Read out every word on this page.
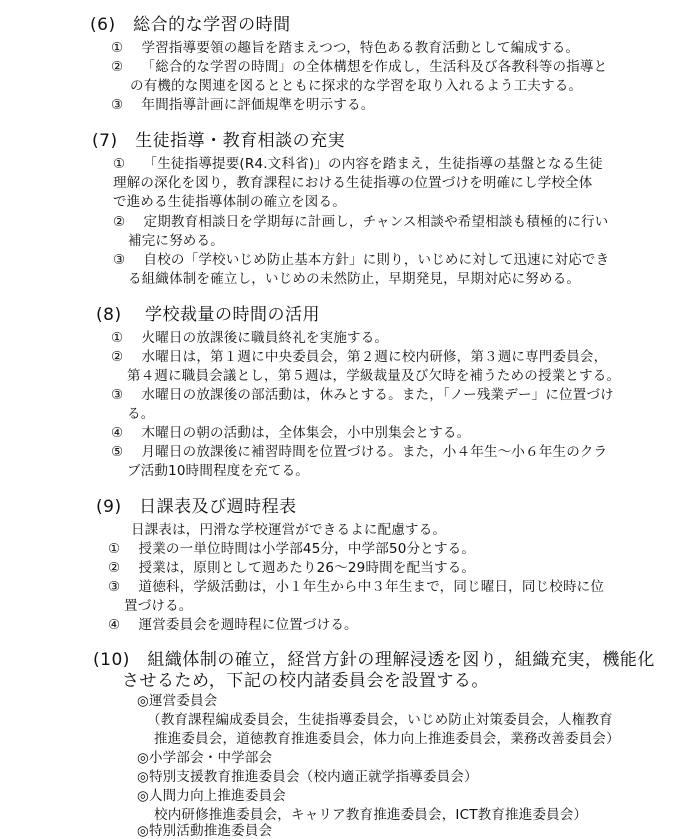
(6)　総合的な学習の時間
①　 学習指導要領の趣旨を踏まえつつ，特色ある教育活動として編成する。
②　 「総合的な学習の時間」の全体構想を作成し，生活科及び各教科等の指導と
の有機的な関連を図るとともに探求的な学習を取り入れるよう工夫する。
③　 年間指導計画に評価規準を明示する。
(7)　生徒指導・教育相談の充実
①　 「生徒指導提要(R4.文科省)」の内容を踏まえ，生徒指導の基盤となる生徒
理解の深化を図り，教育課程における生徒指導の位置づけを明確にし学校全体
で進める生徒指導体制の確立を図る。
②　 定期教育相談日を学期毎に計画し，チャンス相談や希望相談も積極的に行い
補完に努める。
③　 自校の「学校いじめ防止基本方針」に則り，いじめに対して迅速に対応でき
る組織体制を確立し，いじめの未然防止，早期発見，早期対応に努める。
(8)　 学校裁量の時間の活用
①　 火曜日の放課後に職員終礼を実施する。
②　 水曜日は，第１週に中央委員会，第２週に校内研修，第３週に専門委員会，
第４週に職員会議とし，第５週は，学級裁量及び欠時を補うための授業とする。
③　 水曜日の放課後の部活動は，休みとする。また，「ノー残業デー」に位置づけ
る。
④　 木曜日の朝の活動は，全体集会，小中別集会とする。
⑤　 月曜日の放課後に補習時間を位置づける。また，小４年生～小６年生のクラ
ブ活動10時間程度を充てる。
(9)　日課表及び週時程表
日課表は，円滑な学校運営ができるよに配慮する。
①　 授業の一単位時間は小学部45分，中学部50分とする。
②　 授業は，原則として週あたり26～29時間を配当する。
③　 道徳科，学級活動は，小１年生から中３年生まで，同じ曜日，同じ校時に位
置づける。
④　 運営委員会を週時程に位置づける。
(10)　組織体制の確立，経営方針の理解浸透を図り，組織充実，機能化
させるため，下記の校内諸委員会を設置する。
◎運営委員会
（教育課程編成委員会，生徒指導委員会，いじめ防止対策委員会，人権教育
推進委員会，道徳教育推進委員会，体力向上推進委員会，業務改善委員会）
◎小学部会・中学部会
◎特別支援教育推進委員会（校内適正就学指導委員会）
◎人間力向上推進委員会
校内研修推進委員会，キャリア教育推進委員会，ICT教育推進委員会）
◎特別活動推進委員会
